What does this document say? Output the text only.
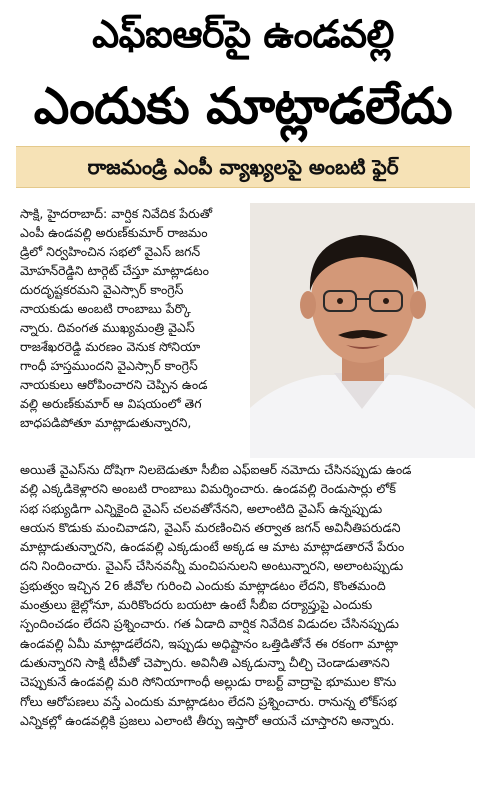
ఎఫ్‌ఐఆర్‌పై ఉండవల్లి
ఎందుకు మాట్లాడలేదు
రాజమండ్రి ఎంపీ వ్యాఖ్యలపై అంబటి ఫైర్
సాక్షి, హైదరాబాద్: వార్షిక నివేదిక పేరుతో
ఎంపీ ఉండవల్లి అరుణ్‌కుమార్ రాజమం
డ్రిలో నిర్వహించిన సభలో వైఎస్ జగన్
మోహన్‌రెడ్డిని టార్గెట్ చేస్తూ మాట్లాడటం
దురదృష్టకరమని వైఎస్సార్ కాంగ్రెస్
నాయకుడు అంబటి రాంబాబు పేర్కొ
న్నారు. దివంగత ముఖ్యమంత్రి వైఎస్
రాజశేఖరరెడ్డి మరణం వెనుక సోనియా
గాంధీ హస్తముందని వైఎస్సార్ కాంగ్రెస్
నాయకులు ఆరోపించారని చెప్పిన ఉండ
వల్లి అరుణ్‌కుమార్ ఆ విషయంలో తెగ
బాధపడిపోతూ మాట్లాడుతున్నారని,
అయితే వైఎస్‌ను దోషిగా నిలబెడుతూ సీబీఐ ఎఫ్‌ఐఆర్ నమోదు చేసినప్పుడు ఉండ
వల్లి ఎక్కడికెళ్లారని అంబటి రాంబాబు విమర్శించారు. ఉండవల్లి రెండుసార్లు లోక్
సభ సభ్యుడిగా ఎన్నికైంది వైఎస్ చలవతోనేనని, అలాంటిది వైఎస్ ఉన్నప్పుడు
ఆయన కొడుకు మంచివాడని, వైఎస్ మరణించిన తర్వాత జగన్ అవినీతిపరుడని
మాట్లాడుతున్నారని, ఉండవల్లి ఎక్కడుంటే అక్కడ ఆ మాట మాట్లాడతారనే పేరుం
దని నిందించారు. వైఎస్ చేసినవన్నీ మంచిపనులని అంటున్నారని, అలాంటప్పుడు
ప్రభుత్వం ఇచ్చిన 26 జీవోల గురించి ఎందుకు మాట్లాడటం లేదని, కొంతమంది
మంత్రులు జైల్లోనూ, మరికొందరు బయటా ఉంటే సీబీఐ దర్యాప్తుపై ఎందుకు
స్పందించడం లేదని ప్రశ్నించారు. గత ఏడాది వార్షిక నివేదిక విడుదల చేసినప్పుడు
ఉండవల్లి ఏమీ మాట్లాడలేదని, ఇప్పుడు అధిష్టానం ఒత్తిడితోనే ఈ రకంగా మాట్లా
డుతున్నారని సాక్షి టీవీతో చెప్పారు. అవినీతి ఎక్కడున్నా చీల్చి చెండాడుతానని
చెప్పుకునే ఉండవల్లి మరి సోనియాగాంధీ అల్లుడు రాబర్ట్ వాద్రాపై భూముల కొను
గోలు ఆరోపణలు వస్తే ఎందుకు మాట్లాడటం లేదని ప్రశ్నించారు. రానున్న లోక్‌సభ
ఎన్నికల్లో ఉండవల్లికి ప్రజలు ఎలాంటి తీర్పు ఇస్తారో ఆయనే చూస్తారని అన్నారు.
